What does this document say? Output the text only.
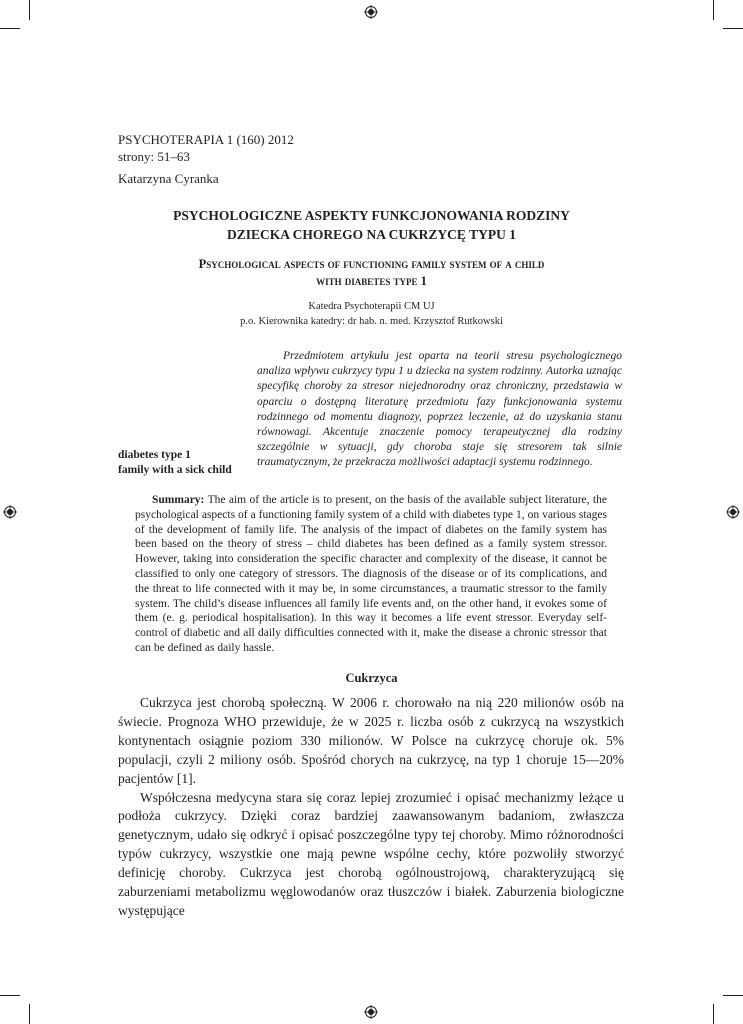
PSYCHOTERAPIA 1 (160) 2012
strony: 51–63
Katarzyna Cyranka
PSYCHOLOGICZNE ASPEKTY FUNKCJONOWANIA RODZINY
DZIECKA CHOREGO NA CUKRZYCĘ TYPU 1
Psychological aspects of functioning family system of a child
with diabetes type 1
Katedra Psychoterapii CM UJ
p.o. Kierownika katedry: dr hab. n. med. Krzysztof Rutkowski
Przedmiotem artykułu jest oparta na teorii stresu psychologicznego analiza wpływu cukrzycy typu 1 u dziecka na system rodzinny. Autorka uznając specyfikę choroby za stresor niejednorodny oraz chroniczny, przedstawia w oparciu o dostępną literaturę przedmiotu fazy funkcjonowania systemu rodzinnego od momentu diagnozy, poprzez leczenie, aż do uzyskania stanu równowagi. Akcentuje znaczenie pomocy terapeutycznej dla rodziny szczególnie w sytuacji, gdy choroba staje się stresorem tak silnie traumatycznym, że przekracza możliwości adaptacji systemu rodzinnego.
diabetes type 1
family with a sick child
Summary: The aim of the article is to present, on the basis of the available subject literature, the psychological aspects of a functioning family system of a child with diabetes type 1, on various stages of the development of family life. The analysis of the impact of diabetes on the family system has been based on the theory of stress – child diabetes has been defined as a family system stressor. However, taking into consideration the specific character and complexity of the disease, it cannot be classified to only one category of stressors. The diagnosis of the disease or of its complications, and the threat to life connected with it may be, in some circumstances, a traumatic stressor to the family system. The child’s disease influences all family life events and, on the other hand, it evokes some of them (e. g. periodical hospitalisation). In this way it becomes a life event stressor. Everyday self-control of diabetic and all daily difficulties connected with it, make the disease a chronic stressor that can be defined as daily hassle.
Cukrzyca

Cukrzyca jest chorobą społeczną. W 2006 r. chorowało na nią 220 milionów osób na świecie. Prognoza WHO przewiduje, że w 2025 r. liczba osób z cukrzycą na wszystkich kontynentach osiągnie poziom 330 milionów. W Polsce na cukrzycę choruje ok. 5% populacji, czyli 2 miliony osób. Spośród chorych na cukrzycę, na typ 1 choruje 15—20% pacjentów [1].

Współczesna medycyna stara się coraz lepiej zrozumieć i opisać mechanizmy leżące u podłoża cukrzycy. Dzięki coraz bardziej zaawansowanym badaniom, zwłaszcza genetycznym, udało się odkryć i opisać poszczególne typy tej choroby. Mimo różnorodności typów cukrzycy, wszystkie one mają pewne wspólne cechy, które pozwoliły stworzyć definicję choroby. Cukrzyca jest chorobą ogólnoustrojową, charakteryzującą się zaburzeniami metabolizmu węglowodanów oraz tłuszczów i białek. Zaburzenia biologiczne występujące
